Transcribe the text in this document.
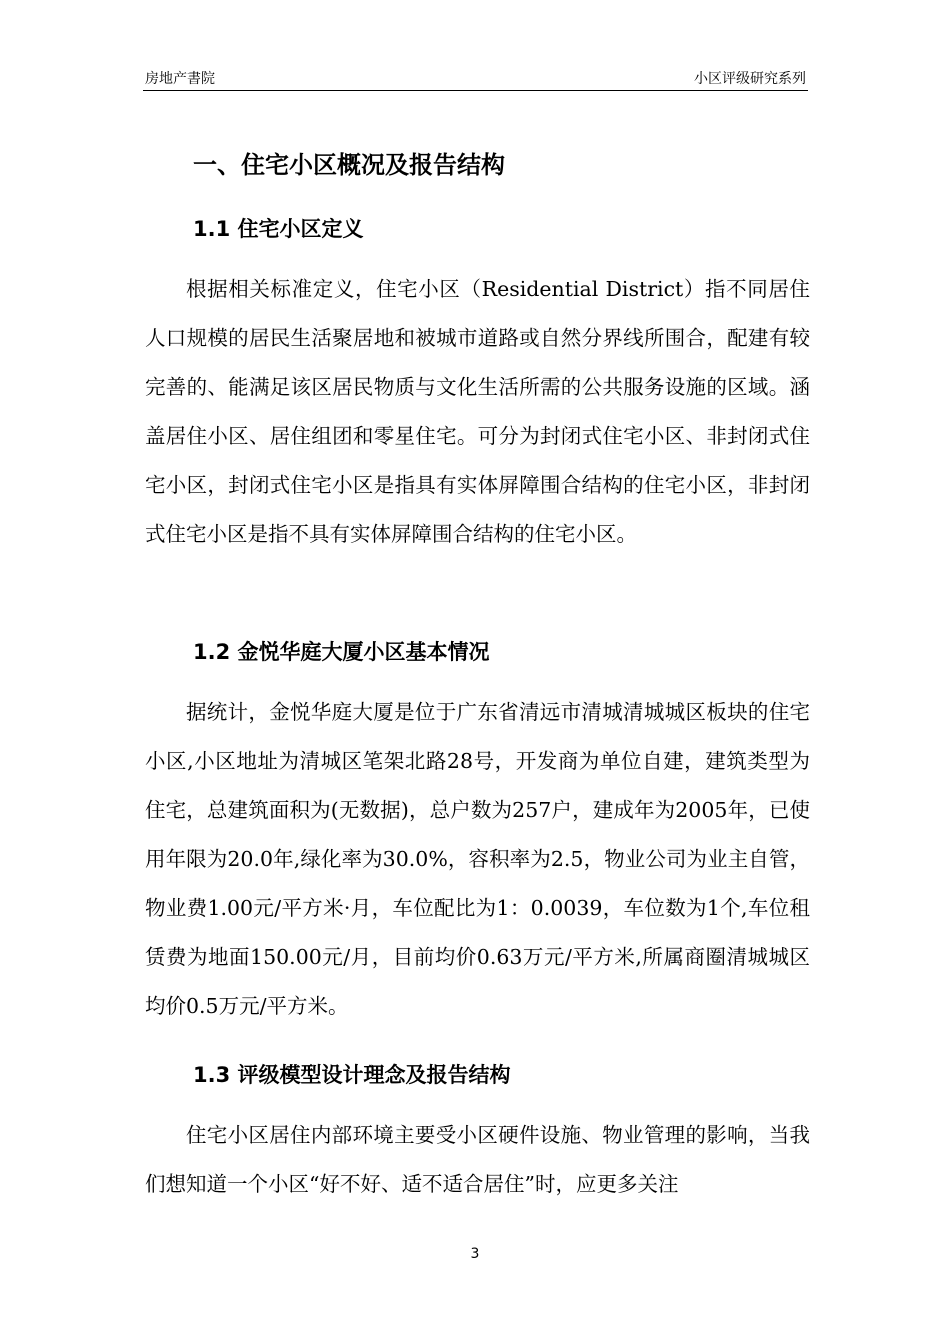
房地产書院	小区评级研究系列
一、住宅小区概况及报告结构
1.1 住宅小区定义

根据相关标准定义，住宅小区（Residential District）指不同居住人口规模的居民生活聚居地和被城市道路或自然分界线所围合，配建有较完善的、能满足该区居民物质与文化生活所需的公共服务设施的区域。涵盖居住小区、居住组团和零星住宅。可分为封闭式住宅小区、非封闭式住宅小区，封闭式住宅小区是指具有实体屏障围合结构的住宅小区，非封闭式住宅小区是指不具有实体屏障围合结构的住宅小区。

1.2 金悦华庭大厦小区基本情况

据统计，金悦华庭大厦是位于广东省清远市清城清城城区板块的住宅小区,小区地址为清城区笔架北路28号，开发商为单位自建，建筑类型为住宅，总建筑面积为(无数据)，总户数为257户，建成年为2005年，已使用年限为20.0年,绿化率为30.0%，容积率为2.5，物业公司为业主自管，物业费1.00元/平方米·月，车位配比为1：0.0039，车位数为1个,车位租赁费为地面150.00元/月，目前均价0.63万元/平方米,所属商圈清城城区均价0.5万元/平方米。

1.3 评级模型设计理念及报告结构

住宅小区居住内部环境主要受小区硬件设施、物业管理的影响，当我们想知道一个小区“好不好、适不适合居住”时，应更多关注

3
